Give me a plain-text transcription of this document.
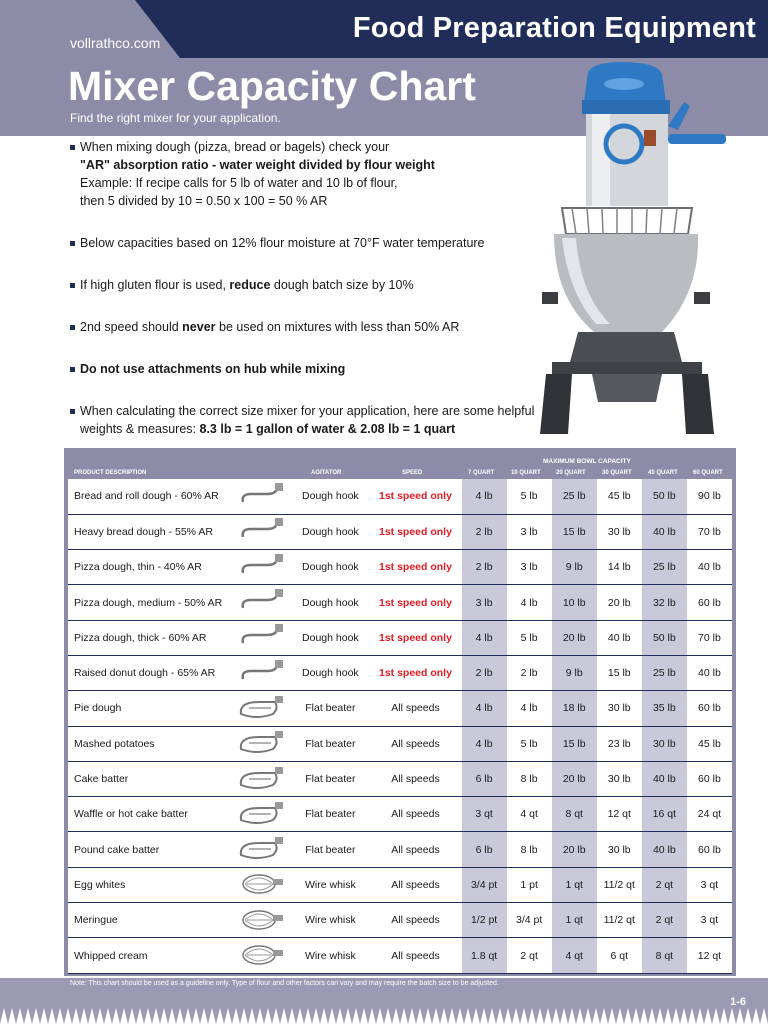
Food Preparation Equipment
vollrathco.com
Mixer Capacity Chart
Find the right mixer for your application.
When mixing dough (pizza, bread or bagels) check your
"AR" absorption ratio - water weight divided by flour weight
Example: If recipe calls for 5 lb of water and 10 lb of flour,
then 5 divided by 10 = 0.50 x 100 = 50 % AR
Below capacities based on 12% flour moisture at 70°F water temperature
If high gluten flour is used, reduce dough batch size by 10%
2nd speed should never be used on mixtures with less than 50% AR
Do not use attachments on hub while mixing
When calculating the correct size mixer for your application, here are some helpful
weights & measures: 8.3 lb = 1 gallon of water & 2.08 lb = 1 quart
MAXIMUM BOWL CAPACITY
PRODUCT DESCRIPTION	AGITATOR	SPEED	7 QUART	10 QUART	20 QUART	30 QUART	40 QUART	60 QUART
Bread and roll dough - 60% AR		Dough hook	1st speed only	4 lb	5 lb	25 lb	45 lb	50 lb	90 lb
Heavy bread dough - 55% AR		Dough hook	1st speed only	2 lb	3 lb	15 lb	30 lb	40 lb	70 lb
Pizza dough, thin - 40% AR		Dough hook	1st speed only	2 lb	3 lb	9 lb	14 lb	25 lb	40 lb
Pizza dough, medium - 50% AR		Dough hook	1st speed only	3 lb	4 lb	10 lb	20 lb	32 lb	60 lb
Pizza dough, thick - 60% AR		Dough hook	1st speed only	4 lb	5 lb	20 lb	40 lb	50 lb	70 lb
Raised donut dough - 65% AR		Dough hook	1st speed only	2 lb	2 lb	9 lb	15 lb	25 lb	40 lb
Pie dough		Flat beater	All speeds	4 lb	4 lb	18 lb	30 lb	35 lb	60 lb
Mashed potatoes		Flat beater	All speeds	4 lb	5 lb	15 lb	23 lb	30 lb	45 lb
Cake batter		Flat beater	All speeds	6 lb	8 lb	20 lb	30 lb	40 lb	60 lb
Waffle or hot cake batter		Flat beater	All speeds	3 qt	4 qt	8 qt	12 qt	16 qt	24 qt
Pound cake batter		Flat beater	All speeds	6 lb	8 lb	20 lb	30 lb	40 lb	60 lb
Egg whites		Wire whisk	All speeds	3/4 pt	1 pt	1 qt	11/2 qt	2 qt	3 qt
Meringue		Wire whisk	All speeds	1/2 pt	3/4 pt	1 qt	11/2 qt	2 qt	3 qt
Whipped cream		Wire whisk	All speeds	1.8 qt	2 qt	4 qt	6 qt	8 qt	12 qt
Note: This chart should be used as a guideline only. Type of flour and other factors can vary and may require the batch size to be adjusted.
1-6
